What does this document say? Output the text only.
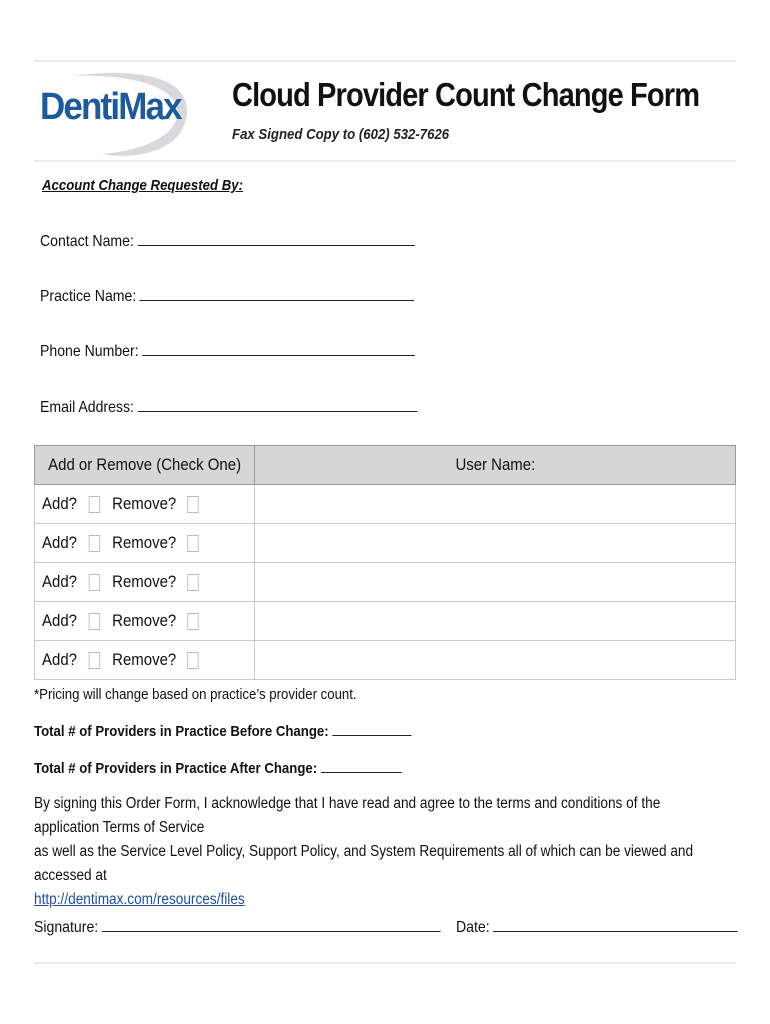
DentiMax Cloud Provider Count Change Form
Fax Signed Copy to (602) 532-7626
Account Change Requested By:
Contact Name:
Practice Name:
Phone Number:
Email Address:
Add or Remove (Check One)	User Name:

Add? Remove?	

Add? Remove?	

Add? Remove?	

Add? Remove?	

Add? Remove?	

*Pricing will change based on practice’s provider count.
Total # of Providers in Practice Before Change:
Total # of Providers in Practice After Change:
By signing this Order Form, I acknowledge that I have read and agree to the terms and conditions of the application Terms of Service
as well as the Service Level Policy, Support Policy, and System Requirements all of which can be viewed and accessed at
http://dentimax.com/resources/files
Signature:	Date:
